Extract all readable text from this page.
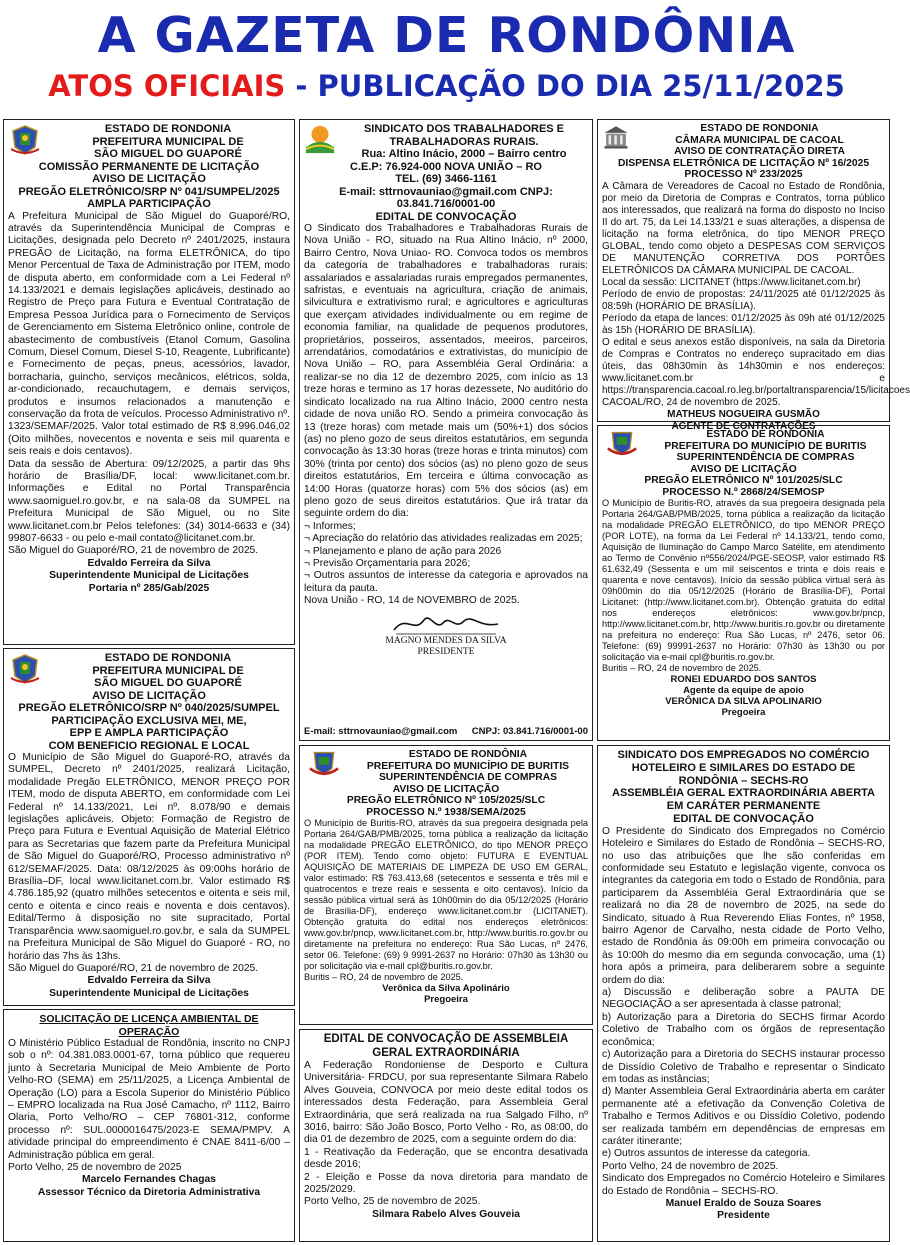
A GAZETA DE RONDÔNIA
ATOS OFICIAIS - PUBLICAÇÃO DO DIA 25/11/2025
ESTADO DE RONDONIA
PREFEITURA MUNICIPAL DE
SÃO MIGUEL DO GUAPORÉ
COMISSÃO PERMANENTE DE LICITAÇÃO
AVISO DE LICITAÇÃO
PREGÃO ELETRÔNICO/SRP Nº 041/SUMPEL/2025
AMPLA PARTICIPAÇÃO

A Prefeitura Municipal de São Miguel do Guaporé/RO, através da Superintendência Municipal de Compras e Licitações, designada pelo Decreto nº 2401/2025, instaura PREGÃO de Licitação, na forma ELETRÔNICA, do tipo Menor Percentual de Taxa de Administração por ITEM, modo de disputa aberto, em conformidade com a Lei Federal nº 14.133/2021 e demais legislações aplicáveis, destinado ao Registro de Preço para Futura e Eventual Contratação de Empresa Pessoa Jurídica para o Fornecimento de Serviços de Gerenciamento em Sistema Eletrônico online, controle de abastecimento de combustíveis (Etanol Comum, Gasolina Comum, Diesel Comum, Diesel S-10, Reagente, Lubrificante) e Fornecimento de peças, pneus, acessórios, lavador, borracharia, guincho, serviços mecânicos, elétricos, solda, ar-condicionado, recauchutagem, e demais serviços, produtos e insumos relacionados a manutenção e conservação da frota de veículos. Processo Administrativo nº. 1323/SEMAF/2025. Valor total estimado de R$ 8.996.046,02 (Oito milhões, novecentos e noventa e seis mil quarenta e seis reais e dois centavos).

Data da sessão de Abertura: 09/12/2025, a partir das 9hs horário de Brasília/DF, local: www.licitanet.com.br. Informações e Edital no Portal Transparência www.saomiguel.ro.gov.br, e na sala-08 da SUMPEL na Prefeitura Municipal de São Miguel, ou no Site www.licitanet.com.br Pelos telefones: (34) 3014-6633 e (34) 99807-6633 - ou pelo e-mail contato@licitanet.com.br.

São Miguel do Guaporé/RO, 21 de novembro de 2025.

Edvaldo Ferreira da Silva
Superintendente Municipal de Licitações
Portaria nº 285/Gab/2025
ESTADO DE RONDONIA
PREFEITURA MUNICIPAL DE
SÃO MIGUEL DO GUAPORÉ
AVISO DE LICITAÇÃO
PREGÃO ELETRÔNICO/SRP Nº 040/2025/SUMPEL
PARTICIPAÇÃO EXCLUSIVA MEI, ME,
EPP E AMPLA PARTICIPAÇÃO
COM BENEFICIO REGIONAL E LOCAL

O Município de São Miguel do Guaporé-RO, através da SUMPEL, Decreto nº 2401/2025, realizará Licitação, modalidade Pregão ELETRÔNICO, MENOR PREÇO POR ITEM, modo de disputa ABERTO, em conformidade com Lei Federal nº 14.133/2021, Lei nº. 8.078/90 e demais legislações aplicáveis. Objeto: Formação de Registro de Preço para Futura e Eventual Aquisição de Material Elétrico para as Secretarias que fazem parte da Prefeitura Municipal de São Miguel do Guaporé/RO, Processo administrativo nº 612/SEMAF/2025. Data: 08/12/2025 às 09:00hs horário de Brasília–DF, local www.licitanet.com.br. Valor estimado R$ 4.786.185,92 (quatro milhões setecentos e oitenta e seis mil, cento e oitenta e cinco reais e noventa e dois centavos). Edital/Termo à disposição no site supracitado, Portal Transparência www.saomiguel.ro.gov.br, e sala da SUMPEL na Prefeitura Municipal de São Miguel do Guaporé - RO, no horário das 7hs às 13hs.

São Miguel do Guaporé/RO, 21 de novembro de 2025.

Edvaldo Ferreira da Silva
Superintendente Municipal de Licitações
SOLICITAÇÃO DE LICENÇA AMBIENTAL DE OPERAÇÃO

O Ministério Público Estadual de Rondônia, inscrito no CNPJ sob o nº: 04.381.083.0001-67, torna público que requereu junto à Secretaria Municipal de Meio Ambiente de Porto Velho-RO (SEMA) em 25/11/2025, a Licença Ambiental de Operação (LO) para a Escola Superior do Ministério Público – EMPRO localizada na Rua José Camacho, nº 1112, Bairro Olaria, Porto Velho/RO – CEP 76801-312, conforme processo nº: SUL.0000016475/2023-E SEMA/PMPV. A atividade principal do empreendimento é CNAE 8411-6/00 – Administração pública em geral.

Porto Velho, 25 de novembro de 2025

Marcelo Fernandes Chagas
Assessor Técnico da Diretoria Administrativa
SINDICATO DOS TRABALHADORES E
TRABALHADORAS RURAIS.
Rua: Altino Inácio, 2000 – Bairro centro
C.E.P: 76.924-000 NOVA UNIÃO – RO
TEL. (69) 3466-1161
E-mail: sttrnovauniao@gmail.com CNPJ:
03.841.716/0001-00
EDITAL DE CONVOCAÇÃO

O Sindicato dos Trabalhadores e Trabalhadoras Rurais de Nova União - RO, situado na Rua Altino Inácio, nº 2000, Bairro Centro, Nova Uniao- RO. Convoca todos os membros da categoria de trabalhadores e trabalhadoras rurais: assalariados e assalariadas rurais empregados permanentes, safristas, e eventuais na agricultura, criação de animais, silvicultura e extrativismo rural; e agricultores e agriculturas que exerçam atividades individualmente ou em regime de economia familiar, na qualidade de pequenos produtores, proprietários, posseiros, assentados, meeiros, parceiros, arrendatários, comodatários e extrativistas, do município de Nova União – RO, para Assembléia Geral Ordinária: a realizar-se no dia 12 de dezembro 2025, com início as 13 treze horas e termino as 17 horas dezessete, No auditório do sindicato localizado na rua Altino Inácio, 2000 centro nesta cidade de nova união RO. Sendo a primeira convocação às 13 (treze horas) com metade mais um (50%+1) dos sócios (as) no pleno gozo de seus direitos estatutários, em segunda convocação às 13:30 horas (treze horas e trinta minutos) com 30% (trinta por cento) dos sócios (as) no pleno gozo de seus direitos estatutários, Em terceira e última convocação as 14:00 Horas (quatorze horas) com 5% dos sócios (as) em pleno gozo de seus direitos estatutários. Que irá tratar da seguinte ordem do dia:

¬ Informes;
¬ Apreciação do relatório das atividades realizadas em 2025;
¬ Planejamento e plano de ação para 2026
¬ Previsão Orçamentaria para 2026;
¬ Outros assuntos de interesse da categoria e aprovados na leitura da pauta.

Nova União - RO, 14 de NOVEMBRO de 2025.

MAGNO MENDES DA SILVA
PRESIDENTE
E-mail: sttrnovauniao@gmail.com CNPJ: 03.841.716/0001-00
ESTADO DE RONDÔNIA
PREFEITURA DO MUNICÍPIO DE BURITIS
SUPERINTENDÊNCIA DE COMPRAS
AVISO DE LICITAÇÃO
PREGÃO ELETRÔNICO Nº 105/2025/SLC
PROCESSO N.º 1938/SEMA/2025

O Município de Buritis-RO, através da sua pregoeira designada pela Portaria 264/GAB/PMB/2025, torna pública a realização da licitação na modalidade PREGÃO ELETRÔNICO, do tipo MENOR PREÇO (POR ITEM). Tendo como objeto: FUTURA E EVENTUAL AQUISIÇÃO DE MATERIAIS DE LIMPEZA DE USO EM GERAL, valor estimado: R$ 763.413,68 (setecentos e sessenta e três mil e quatrocentos e treze reais e sessenta e oito centavos). Início da sessão pública virtual será às 10h00min do dia 05/12/2025 (Horário de Brasília-DF), endereço www.licitanet.com.br (LICITANET). Obtenção gratuita do edital nos endereços eletrônicos: www.gov.br/pncp, www.licitanet.com.br, http://www.buritis.ro.gov.br ou diretamente na prefeitura no endereço: Rua São Lucas, nº 2476, setor 06. Telefone: (69) 9 9991-2637 no Horário: 07h30 às 13h30 ou por solicitação via e-mail cpl@buritis.ro.gov.br.

Buritis – RO, 24 de novembro de 2025.

Verônica da Silva Apolinário
Pregoeira
EDITAL DE CONVOCAÇÃO DE ASSEMBLEIA
GERAL EXTRAORDINÁRIA

A Federação Rondoniense de Desporto e Cultura Universitária- FRDCU, por sua representante Silmara Rabelo Alves Gouveia, CONVOCA por meio deste edital todos os interessados desta Federação, para Assembleia Geral Extraordinária, que será realizada na rua Salgado Filho, nº 3016, bairro: São João Bosco, Porto Velho - Ro, as 08:00, do dia 01 de dezembro de 2025, com a seguinte ordem do dia:

1 - Reativação da Federação, que se encontra desativada desde 2016;
2 - Eleição e Posse da nova diretoria para mandato de 2025/2029.

Porto Velho, 25 de novembro de 2025.

Silmara Rabelo Alves Gouveia
ESTADO DE RONDONIA
CÂMARA MUNICIPAL DE CACOAL
AVISO DE CONTRATAÇÃO DIRETA
DISPENSA ELETRÔNICA DE LICITAÇÃO Nº 16/2025
PROCESSO Nº 233/2025

A Câmara de Vereadores de Cacoal no Estado de Rondônia, por meio da Diretoria de Compras e Contratos, torna público aos interessados, que realizará na forma do disposto no Inciso II do art. 75, da Lei 14.133/21 e suas alterações, a dispensa de licitação na forma eletrônica, do tipo MENOR PREÇO GLOBAL, tendo como objeto a DESPESAS COM SERVIÇOS DE MANUTENÇÃO CORRETIVA DOS PORTÕES ELETRÔNICOS DA CÂMARA MUNICIPAL DE CACOAL.

Local da sessão: LICITANET (https://www.licitanet.com.br)
Período de envio de propostas: 24/11/2025 até 01/12/2025 às 08:59h (HORÁRIO DE BRASÍLIA).
Período da etapa de lances: 01/12/2025 às 09h até 01/12/2025 às 15h (HORÁRIO DE BRASÍLIA).
O edital e seus anexos estão disponíveis, na sala da Diretoria de Compras e Contratos no endereço supracitado em dias úteis, das 08h30min às 14h30min e nos endereços: www.licitanet.com.br e https://transparencia.cacoal.ro.leg.br/portaltransparencia/15/licitacoes

CACOAL/RO, 24 de novembro de 2025.

MATHEUS NOGUEIRA GUSMÃO
AGENTE DE CONTRATAÇÕES
ESTADO DE RONDÔNIA
PREFEITURA DO MUNICÍPIO DE BURITIS
SUPERINTENDÊNCIA DE COMPRAS
AVISO DE LICITAÇÃO
PREGÃO ELETRÔNICO Nº 101/2025/SLC
PROCESSO N.º 2868/24/SEMOSP

O Município de Buritis-RO, através da sua pregoeira designada pela Portaria 264/GAB/PMB/2025, torna pública a realização da licitação na modalidade PREGÃO ELETRÔNICO, do tipo MENOR PREÇO (POR LOTE), na forma da Lei Federal nº 14.133/21, tendo como, Aquisição de Iluminação do Campo Marco Satélite, em atendimento ao Termo de Convênio nº556/2024/PGE-SEOSP, valor estimado R$ 61.632,49 (Sessenta e um mil seiscentos e trinta e dois reais e quarenta e nove centavos). Início da sessão pública virtual será às 09h00min do dia 05/12/2025 (Horário de Brasília-DF), Portal Licitanet: (http://www.licitanet.com.br). Obtenção gratuita do edital nos endereços eletrônicos: www.gov.br/pncp, http://www.licitanet.com.br, http://www.buritis.ro.gov.br ou diretamente na prefeitura no endereço: Rua São Lucas, nº 2476, setor 06. Telefone: (69) 99991-2637 no Horário: 07h30 às 13h30 ou por solicitação via e-mail cpl@buritis.ro.gov.br.

Buritis – RO, 24 de novembro de 2025.

RONEI EDUARDO DOS SANTOS
Agente da equipe de apoio
VERÔNICA DA SILVA APOLINARIO
Pregoeira
SINDICATO DOS EMPREGADOS NO COMÉRCIO
HOTELEIRO E SIMILARES DO ESTADO DE
RONDÔNIA – SECHS-RO
ASSEMBLÉIA GERAL EXTRAORDINÁRIA ABERTA
EM CARÁTER PERMANENTE
EDITAL DE CONVOCAÇÃO

O Presidente do Sindicato dos Empregados no Comércio Hoteleiro e Similares do Estado de Rondônia – SECHS-RO, no uso das atribuições que lhe são conferidas em conformidade seu Estatuto e legislação vigente, convoca os integrantes da categoria em todo o Estado de Rondônia, para participarem da Assembléia Geral Extraordinária que se realizará no dia 28 de novembro de 2025, na sede do Sindicato, situado à Rua Reverendo Elias Fontes, nº 1958, bairro Agenor de Carvalho, nesta cidade de Porto Velho, estado de Rondônia às 09:00h em primeira convocação ou às 10:00h do mesmo dia em segunda convocação, uma (1) hora após a primeira, para deliberarem sobre a seguinte ordem do dia:

a) Discussão e deliberação sobre a PAUTA DE NEGOCIAÇÃO a ser apresentada à classe patronal;
b) Autorização para a Diretoria do SECHS firmar Acordo Coletivo de Trabalho com os órgãos de representação econômica;
c) Autorização para a Diretoria do SECHS instaurar processo de Dissídio Coletivo de Trabalho e representar o Sindicato em todas as instâncias;
d) Manter Assembleia Geral Extraordinária aberta em caráter permanente até a efetivação da Convenção Coletiva de Trabalho e Termos Aditivos e ou Dissídio Coletivo, podendo ser realizada também em dependências de empresas em caráter itinerante;
e) Outros assuntos de interesse da categoria.

Porto Velho, 24 de novembro de 2025.

Sindicato dos Empregados no Comércio Hoteleiro e Similares do Estado de Rondônia – SECHS-RO.

Manuel Eraldo de Souza Soares
Presidente
